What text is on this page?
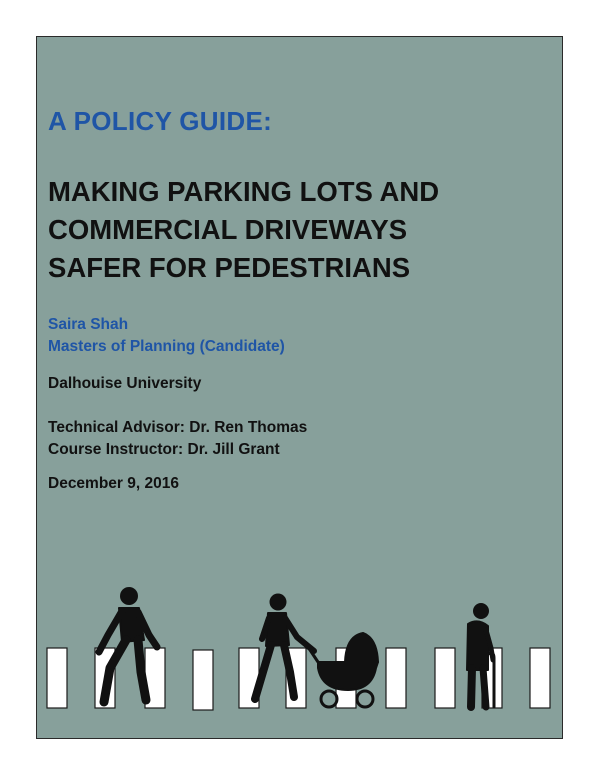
A POLICY GUIDE:
MAKING PARKING LOTS AND
COMMERCIAL DRIVEWAYS
SAFER FOR PEDESTRIANS
Saira Shah
Masters of Planning (Candidate)
Dalhouise University
Technical Advisor: Dr. Ren Thomas
Course Instructor: Dr. Jill Grant
December 9, 2016
